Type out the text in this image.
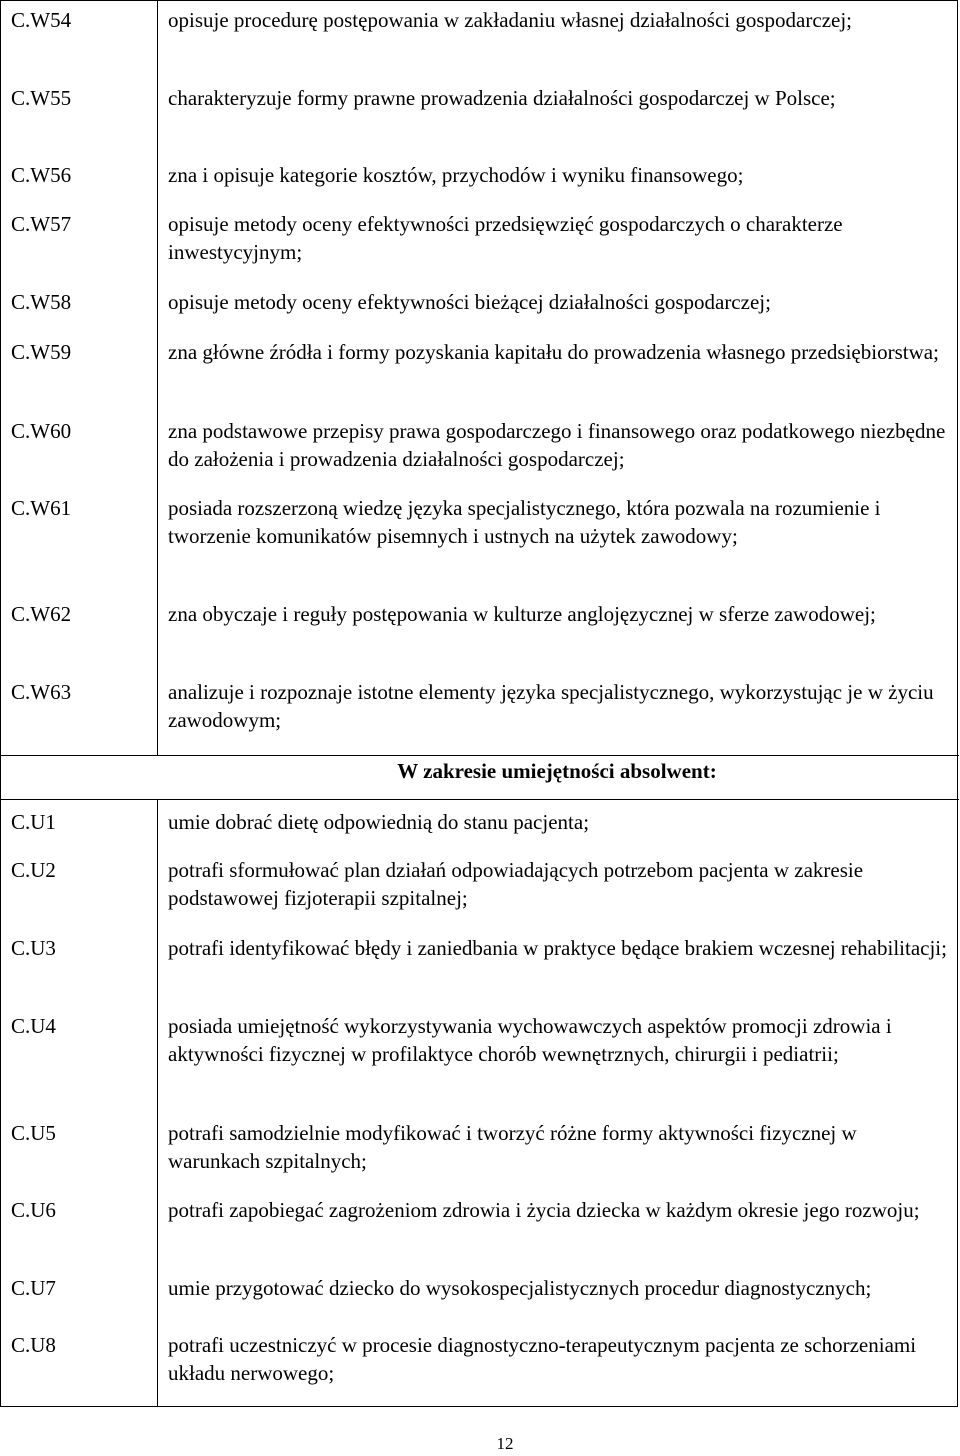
C.W54	opisuje procedurę postępowania w zakładaniu własnej działalności gospodarczej;
C.W55	charakteryzuje formy prawne prowadzenia działalności gospodarczej w Polsce;
C.W56	zna i opisuje kategorie kosztów, przychodów i wyniku finansowego;
C.W57	opisuje metody oceny efektywności przedsięwzięć gospodarczych o charakterze inwestycyjnym;
C.W58	opisuje metody oceny efektywności bieżącej działalności gospodarczej;
C.W59	zna główne źródła i formy pozyskania kapitału do prowadzenia własnego przedsiębiorstwa;
C.W60	zna podstawowe przepisy prawa gospodarczego i finansowego oraz podatkowego niezbędne do założenia i prowadzenia działalności gospodarczej;
C.W61	posiada rozszerzoną wiedzę języka specjalistycznego, która pozwala na rozumienie i tworzenie komunikatów pisemnych i ustnych na użytek zawodowy;
C.W62	zna obyczaje i reguły postępowania w kulturze anglojęzycznej w sferze zawodowej;
C.W63	analizuje i rozpoznaje istotne elementy języka specjalistycznego, wykorzystując je w życiu zawodowym;
W zakresie umiejętności absolwent:
C.U1	umie dobrać dietę odpowiednią do stanu pacjenta;
C.U2	potrafi sformułować plan działań odpowiadających potrzebom pacjenta w zakresie podstawowej fizjoterapii szpitalnej;
C.U3	potrafi identyfikować błędy i zaniedbania w praktyce będące brakiem wczesnej rehabilitacji;
C.U4	posiada umiejętność wykorzystywania wychowawczych aspektów promocji zdrowia i aktywności fizycznej w profilaktyce chorób wewnętrznych, chirurgii i pediatrii;
C.U5	potrafi samodzielnie modyfikować i tworzyć różne formy aktywności fizycznej w warunkach szpitalnych;
C.U6	potrafi zapobiegać zagrożeniom zdrowia i życia dziecka w każdym okresie jego rozwoju;
C.U7	umie przygotować dziecko do wysokospecjalistycznych procedur diagnostycznych;
C.U8	potrafi uczestniczyć w procesie diagnostyczno-terapeutycznym pacjenta ze schorzeniami układu nerwowego;
12
